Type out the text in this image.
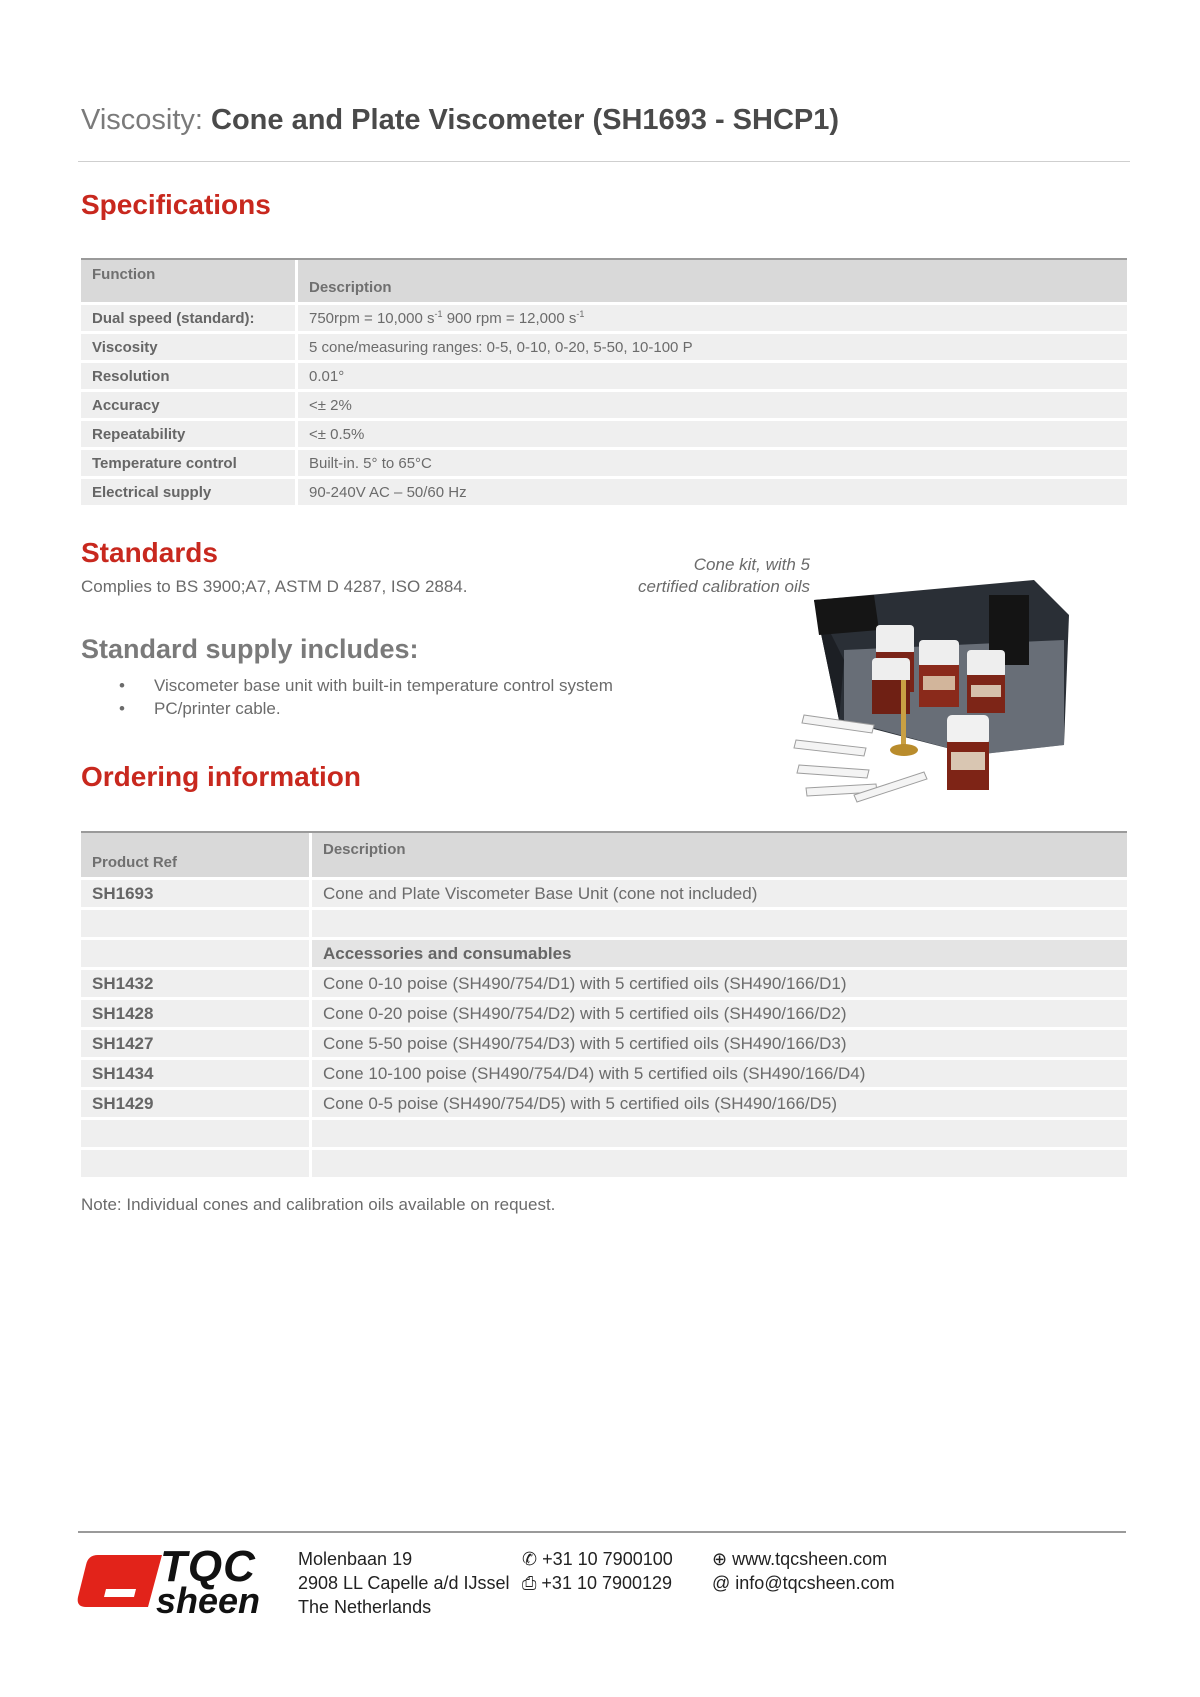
Viscosity: Cone and Plate Viscometer (SH1693 - SHCP1)
Specifications
Function	Description
Dual speed (standard):	750rpm = 10,000 $s^{-1}$ 900 rpm = 12,000 $s^{-1}$
Viscosity	5 cone/measuring ranges: 0-5, 0-10, 0-20, 5-50, 10-100 P
Resolution	0.01°
Accuracy	<± 2%
Repeatability	<± 0.5%
Temperature control	Built-in. 5° to 65°C
Electrical supply	90-240V AC – 50/60 Hz
Standards
Complies to BS 3900;A7, ASTM D 4287, ISO 2884.
Cone kit, with 5
certified calibration oils
Standard supply includes:
• Viscometer base unit with built-in temperature control system
• PC/printer cable.
Ordering information
Product Ref	Description
SH1693	Cone and Plate Viscometer Base Unit (cone not included)

	Accessories and consumables
SH1432	Cone 0-10 poise (SH490/754/D1) with 5 certified oils (SH490/166/D1)
SH1428	Cone 0-20 poise (SH490/754/D2) with 5 certified oils (SH490/166/D2)
SH1427	Cone 5-50 poise (SH490/754/D3) with 5 certified oils (SH490/166/D3)
SH1434	Cone 10-100 poise (SH490/754/D4) with 5 certified oils (SH490/166/D4)
SH1429	Cone 0-5 poise (SH490/754/D5) with 5 certified oils (SH490/166/D5)

Note: Individual cones and calibration oils available on request.
TQC
sheen
Molenbaan 19
2908 LL Capelle a/d IJssel
The Netherlands
✆ +31 10 7900100
⎙ +31 10 7900129
⊕ www.tqcsheen.com
@ info@tqcsheen.com
